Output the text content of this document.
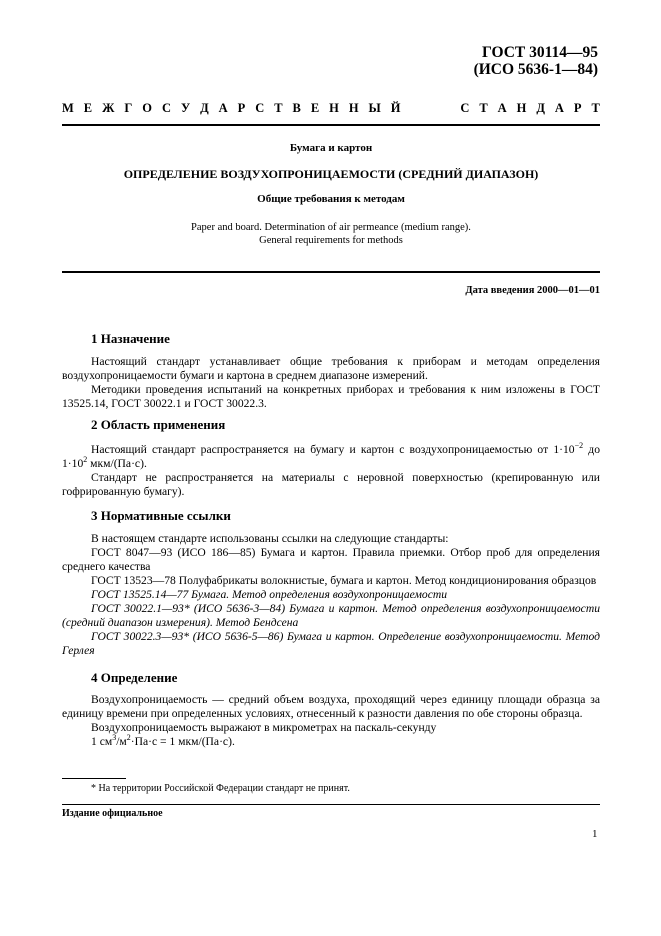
ГОСТ 30114—95
(ИСО 5636-1—84)
М Е Ж Г О С У Д А Р С Т В Е Н Н Ы Й	С Т А Н Д А Р Т
Бумага и картон
ОПРЕДЕЛЕНИЕ ВОЗДУХОПРОНИЦАЕМОСТИ (СРЕДНИЙ ДИАПАЗОН)
Общие требования к методам
Paper and board. Determination of air permeance (medium range).
General requirements for methods
Дата введения 2000—01—01
1 Назначение

Настоящий стандарт устанавливает общие требования к приборам и методам определения воздухопроницаемости бумаги и картона в среднем диапазоне измерений.

Методики проведения испытаний на конкретных приборах и требования к ним изложены в ГОСТ 13525.14, ГОСТ 30022.1 и ГОСТ 30022.3.

2 Область применения

Настоящий стандарт распространяется на бумагу и картон с воздухопроницаемостью от $1\cdot 10^{-2}$ до $1\cdot 10^2$ мкм/(Па·с).

Стандарт не распространяется на материалы с неровной поверхностью (крепированную или гофрированную бумагу).

3 Нормативные ссылки

В настоящем стандарте использованы ссылки на следующие стандарты:

ГОСТ 8047—93 (ИСО 186—85) Бумага и картон. Правила приемки. Отбор проб для определения среднего качества

ГОСТ 13523—78 Полуфабрикаты волокнистые, бумага и картон. Метод кондиционирования образцов

ГОСТ 13525.14—77 Бумага. Метод определения воздухопроницаемости

ГОСТ 30022.1—93* (ИСО 5636-3—84) Бумага и картон. Метод определения воздухопроницаемости (средний диапазон измерения). Метод Бендсена

ГОСТ 30022.3—93* (ИСО 5636-5—86) Бумага и картон. Определение воздухопроницаемости. Метод Герлея

4 Определение

Воздухопроницаемость — средний объем воздуха, проходящий через единицу площади образца за единицу времени при определенных условиях, отнесенный к разности давления по обе стороны образца.

Воздухопроницаемость выражают в микрометрах на паскаль-секунду

1 $см^3/м^2\cdot Па\cdot с = 1$ мкм/(Па·с).

* На территории Российской Федерации стандарт не принят.
Издание официальное
1
